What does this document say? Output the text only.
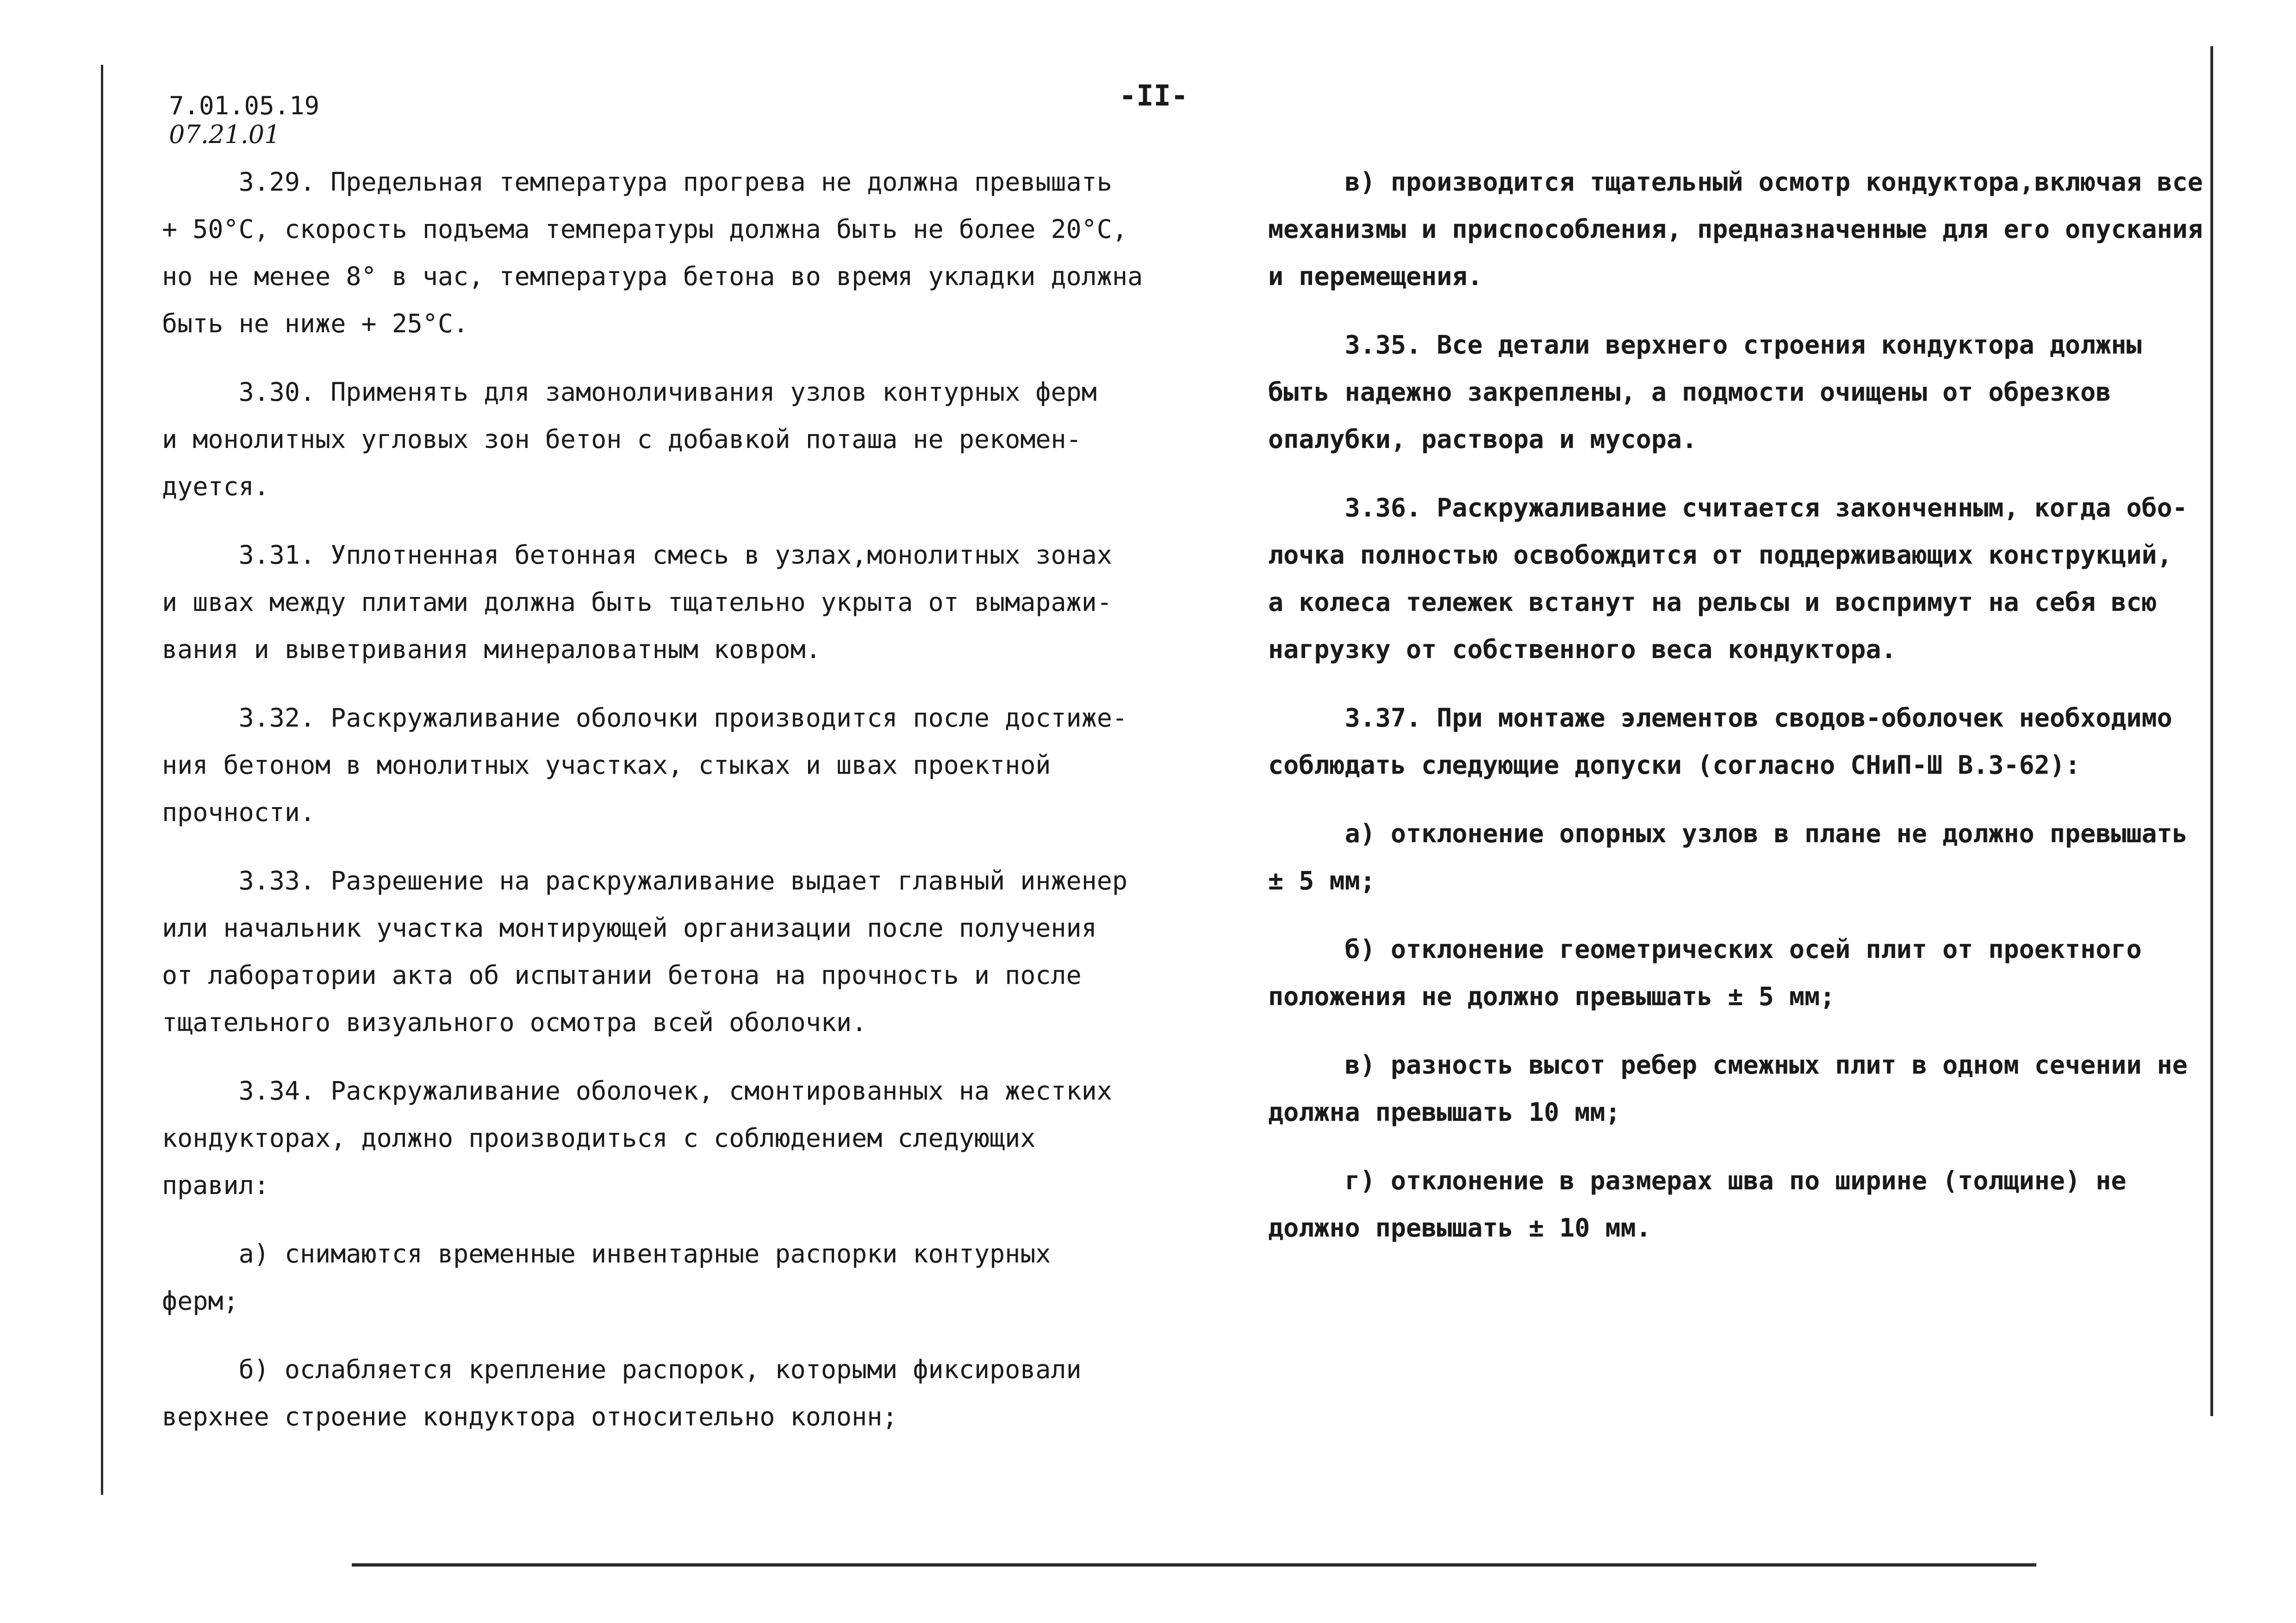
7.01.05.19
07.21.01
-II-
3.29. Предельная температура прогрева не должна превышать
+ 50°C, скорость подъема температуры должна быть не более 20°C,
но не менее 8° в час, температура бетона во время укладки должна
быть не ниже + 25°C.
3.30. Применять для замоноличивания узлов контурных ферм
и монолитных угловых зон бетон с добавкой поташа не рекомен-
дуется.
3.31. Уплотненная бетонная смесь в узлах,монолитных зонах
и швах между плитами должна быть тщательно укрыта от вымаражи-
вания и выветривания минераловатным ковром.
3.32. Раскружаливание оболочки производится после достиже-
ния бетоном в монолитных участках, стыках и швах проектной
прочности.
3.33. Разрешение на раскружаливание выдает главный инженер
или начальник участка монтирующей организации после получения
от лаборатории акта об испытании бетона на прочность и после
тщательного визуального осмотра всей оболочки.
3.34. Раскружаливание оболочек, смонтированных на жестких
кондукторах, должно производиться с соблюдением следующих
правил:
а) снимаются временные инвентарные распорки контурных
ферм;
б) ослабляется крепление распорок, которыми фиксировали
верхнее строение кондуктора относительно колонн;
в) производится тщательный осмотр кондуктора,включая все
механизмы и приспособления, предназначенные для его опускания
и перемещения.
3.35. Все детали верхнего строения кондуктора должны
быть надежно закреплены, а подмости очищены от обрезков
опалубки, раствора и мусора.
3.36. Раскружаливание считается законченным, когда обо-
лочка полностью освобождится от поддерживающих конструкций,
а колеса тележек встанут на рельсы и воспримут на себя всю
нагрузку от собственного веса кондуктора.
3.37. При монтаже элементов сводов-оболочек необходимо
соблюдать следующие допуски (согласно СНиП-Ш В.3-62):
а) отклонение опорных узлов в плане не должно превышать
± 5 мм;
б) отклонение геометрических осей плит от проектного
положения не должно превышать ± 5 мм;
в) разность высот ребер смежных плит в одном сечении не
должна превышать 10 мм;
г) отклонение в размерах шва по ширине (толщине) не
должно превышать ± 10 мм.
